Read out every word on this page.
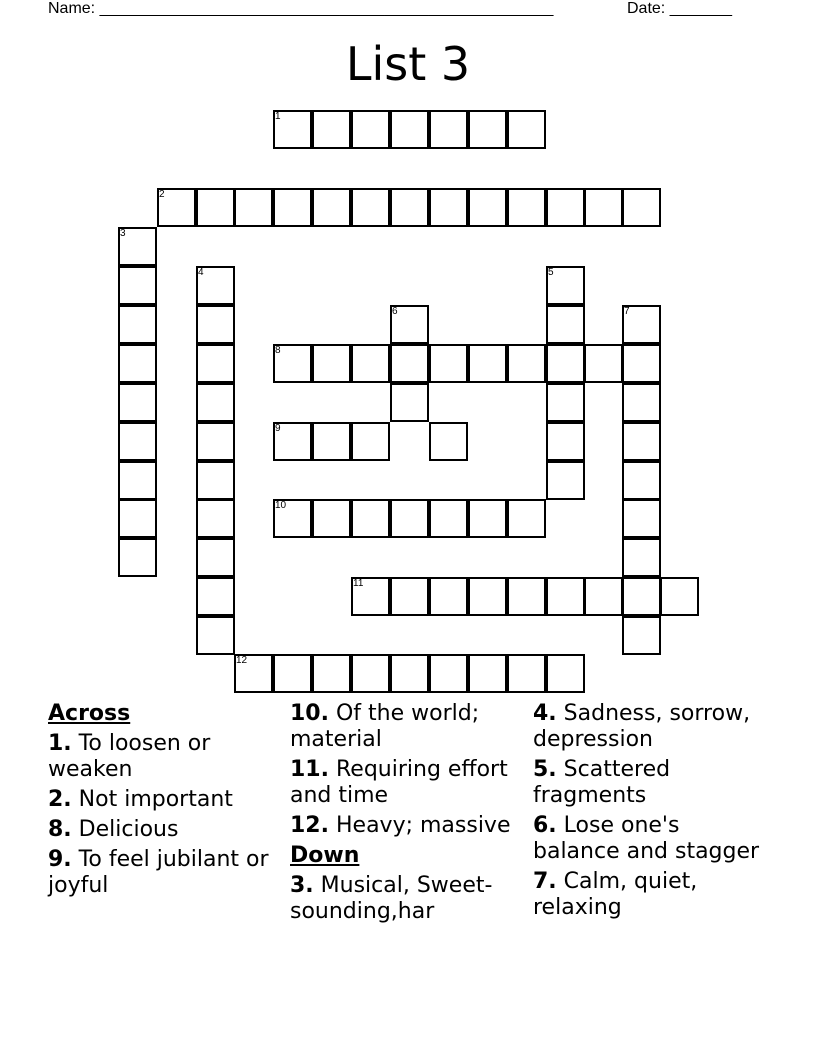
Name: ___________________________________________________	Date: _______
List 3
1
2
3
4	5
6	7
8
9
10
11
12
Across
1. To loosen or weaken
2. Not important
8. Delicious
9. To feel jubilant or joyful
10. Of the world; material
11. Requiring effort and time
12. Heavy; massive
Down
3. Musical, Sweet-sounding,har
4. Sadness, sorrow, depression
5. Scattered fragments
6. Lose one's balance and stagger
7. Calm, quiet, relaxing
